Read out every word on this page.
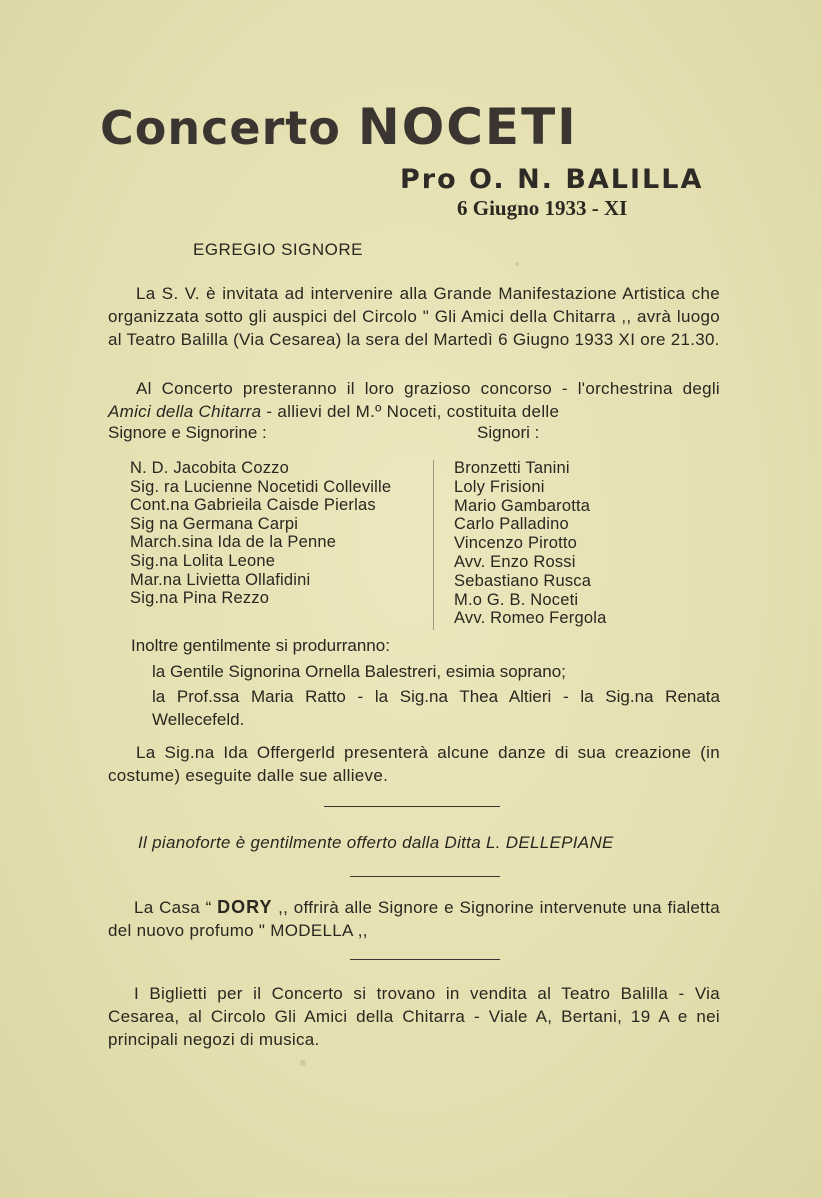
Concerto NOCETI
Pro O. N. BALILLA
6 Giugno 1933 - XI
EGREGIO SIGNORE
La S. V. è invitata ad intervenire alla Grande Manifestazione Artistica che organizzata sotto gli auspici del Circolo " Gli Amici della Chitarra ,, avrà luogo al Teatro Balilla (Via Cesarea) la sera del Martedì 6 Giugno 1933 XI ore 21.30.
Al Concerto presteranno il loro grazioso concorso - l'orchestrina degli Amici della Chitarra - allievi del M.º Noceti, costituita delle
Signore e Signorine :	Signori :
N. D. Jacobita Cozzo
Sig. ra Lucienne Nocetidi Colleville
Cont.na Gabrieila Caisde Pierlas
Sig na Germana Carpi
March.sina Ida de la Penne
Sig.na Lolita Leone
Mar.na Livietta Ollafidini
Sig.na Pina Rezzo
Bronzetti Tanini
Loly Frisioni
Mario Gambarotta
Carlo Palladino
Vincenzo Pirotto
Avv. Enzo Rossi
Sebastiano Rusca
M.o G. B. Noceti
Avv. Romeo Fergola
Inoltre gentilmente si produrranno:
la Gentile Signorina Ornella Balestreri, esimia soprano;
la Prof.ssa Maria Ratto - la Sig.na Thea Altieri - la Sig.na Renata Wellecefeld.
La Sig.na Ida Offergerld presenterà alcune danze di sua creazione (in costume) eseguite dalle sue allieve.
Il pianoforte è gentilmente offerto dalla Ditta L. DELLEPIANE
La Casa “ DORY ,, offrirà alle Signore e Signorine intervenute una fialetta del nuovo profumo " MODELLA ,,
I Biglietti per il Concerto si trovano in vendita al Teatro Balilla - Via Cesarea, al Circolo Gli Amici della Chitarra - Viale A, Bertani, 19 A e nei principali negozi di musica.
